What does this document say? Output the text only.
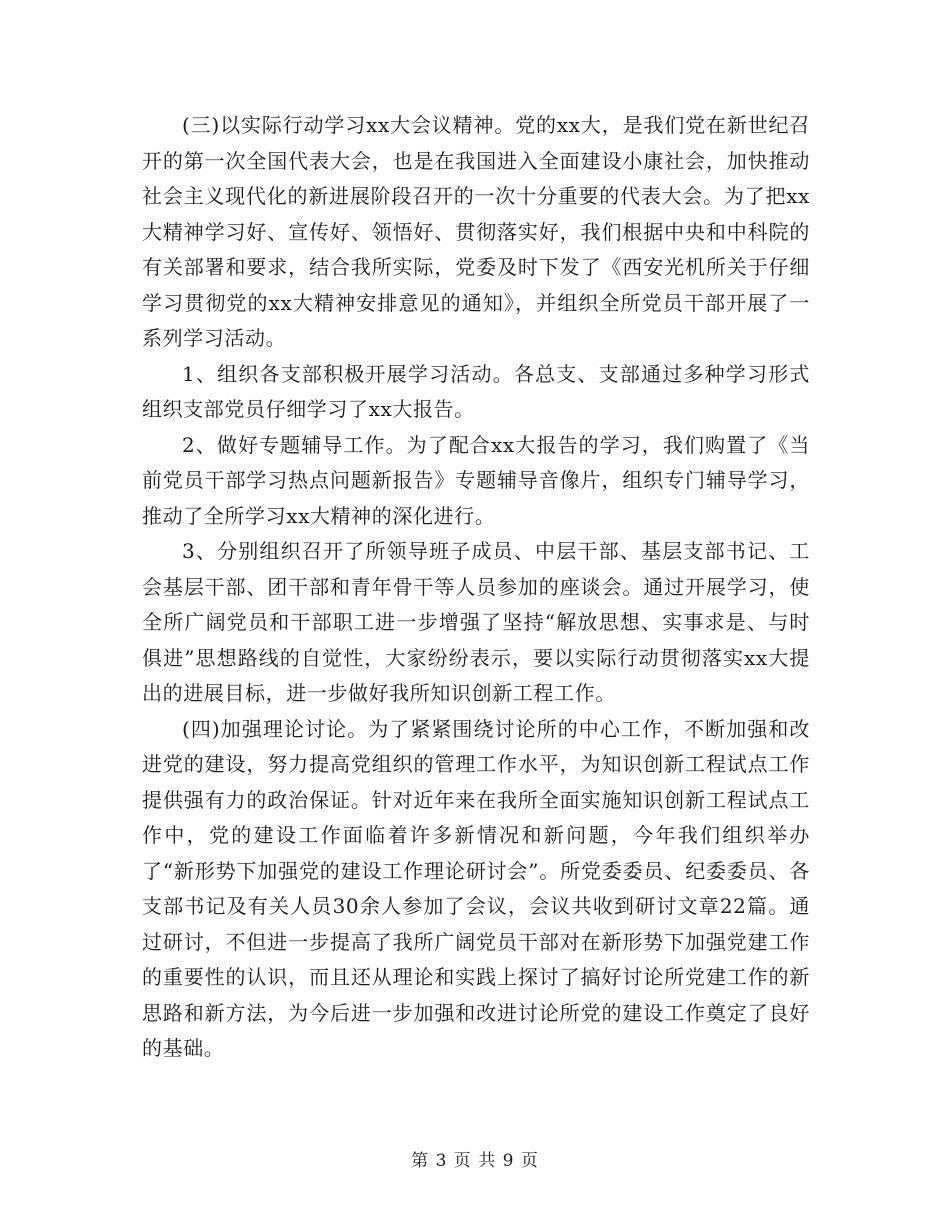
(三)以实际行动学习xx大会议精神。党的xx大，是我们党在新世纪召开的第一次全国代表大会，也是在我国进入全面建设小康社会，加快推动社会主义现代化的新进展阶段召开的一次十分重要的代表大会。为了把xx大精神学习好、宣传好、领悟好、贯彻落实好，我们根据中央和中科院的有关部署和要求，结合我所实际，党委及时下发了《西安光机所关于仔细学习贯彻党的xx大精神安排意见的通知》，并组织全所党员干部开展了一系列学习活动。

1、组织各支部积极开展学习活动。各总支、支部通过多种学习形式组织支部党员仔细学习了xx大报告。

2、做好专题辅导工作。为了配合xx大报告的学习，我们购置了《当前党员干部学习热点问题新报告》专题辅导音像片，组织专门辅导学习，推动了全所学习xx大精神的深化进行。

3、分别组织召开了所领导班子成员、中层干部、基层支部书记、工会基层干部、团干部和青年骨干等人员参加的座谈会。通过开展学习，使全所广阔党员和干部职工进一步增强了坚持“解放思想、实事求是、与时俱进”思想路线的自觉性，大家纷纷表示，要以实际行动贯彻落实xx大提出的进展目标，进一步做好我所知识创新工程工作。

(四)加强理论讨论。为了紧紧围绕讨论所的中心工作，不断加强和改进党的建设，努力提高党组织的管理工作水平，为知识创新工程试点工作提供强有力的政治保证。针对近年来在我所全面实施知识创新工程试点工作中，党的建设工作面临着许多新情况和新问题，今年我们组织举办了“新形势下加强党的建设工作理论研讨会”。所党委委员、纪委委员、各支部书记及有关人员30余人参加了会议，会议共收到研讨文章22篇。通过研讨，不但进一步提高了我所广阔党员干部对在新形势下加强党建工作的重要性的认识，而且还从理论和实践上探讨了搞好讨论所党建工作的新思路和新方法，为今后进一步加强和改进讨论所党的建设工作奠定了良好的基础。

第 3 页 共 9 页
